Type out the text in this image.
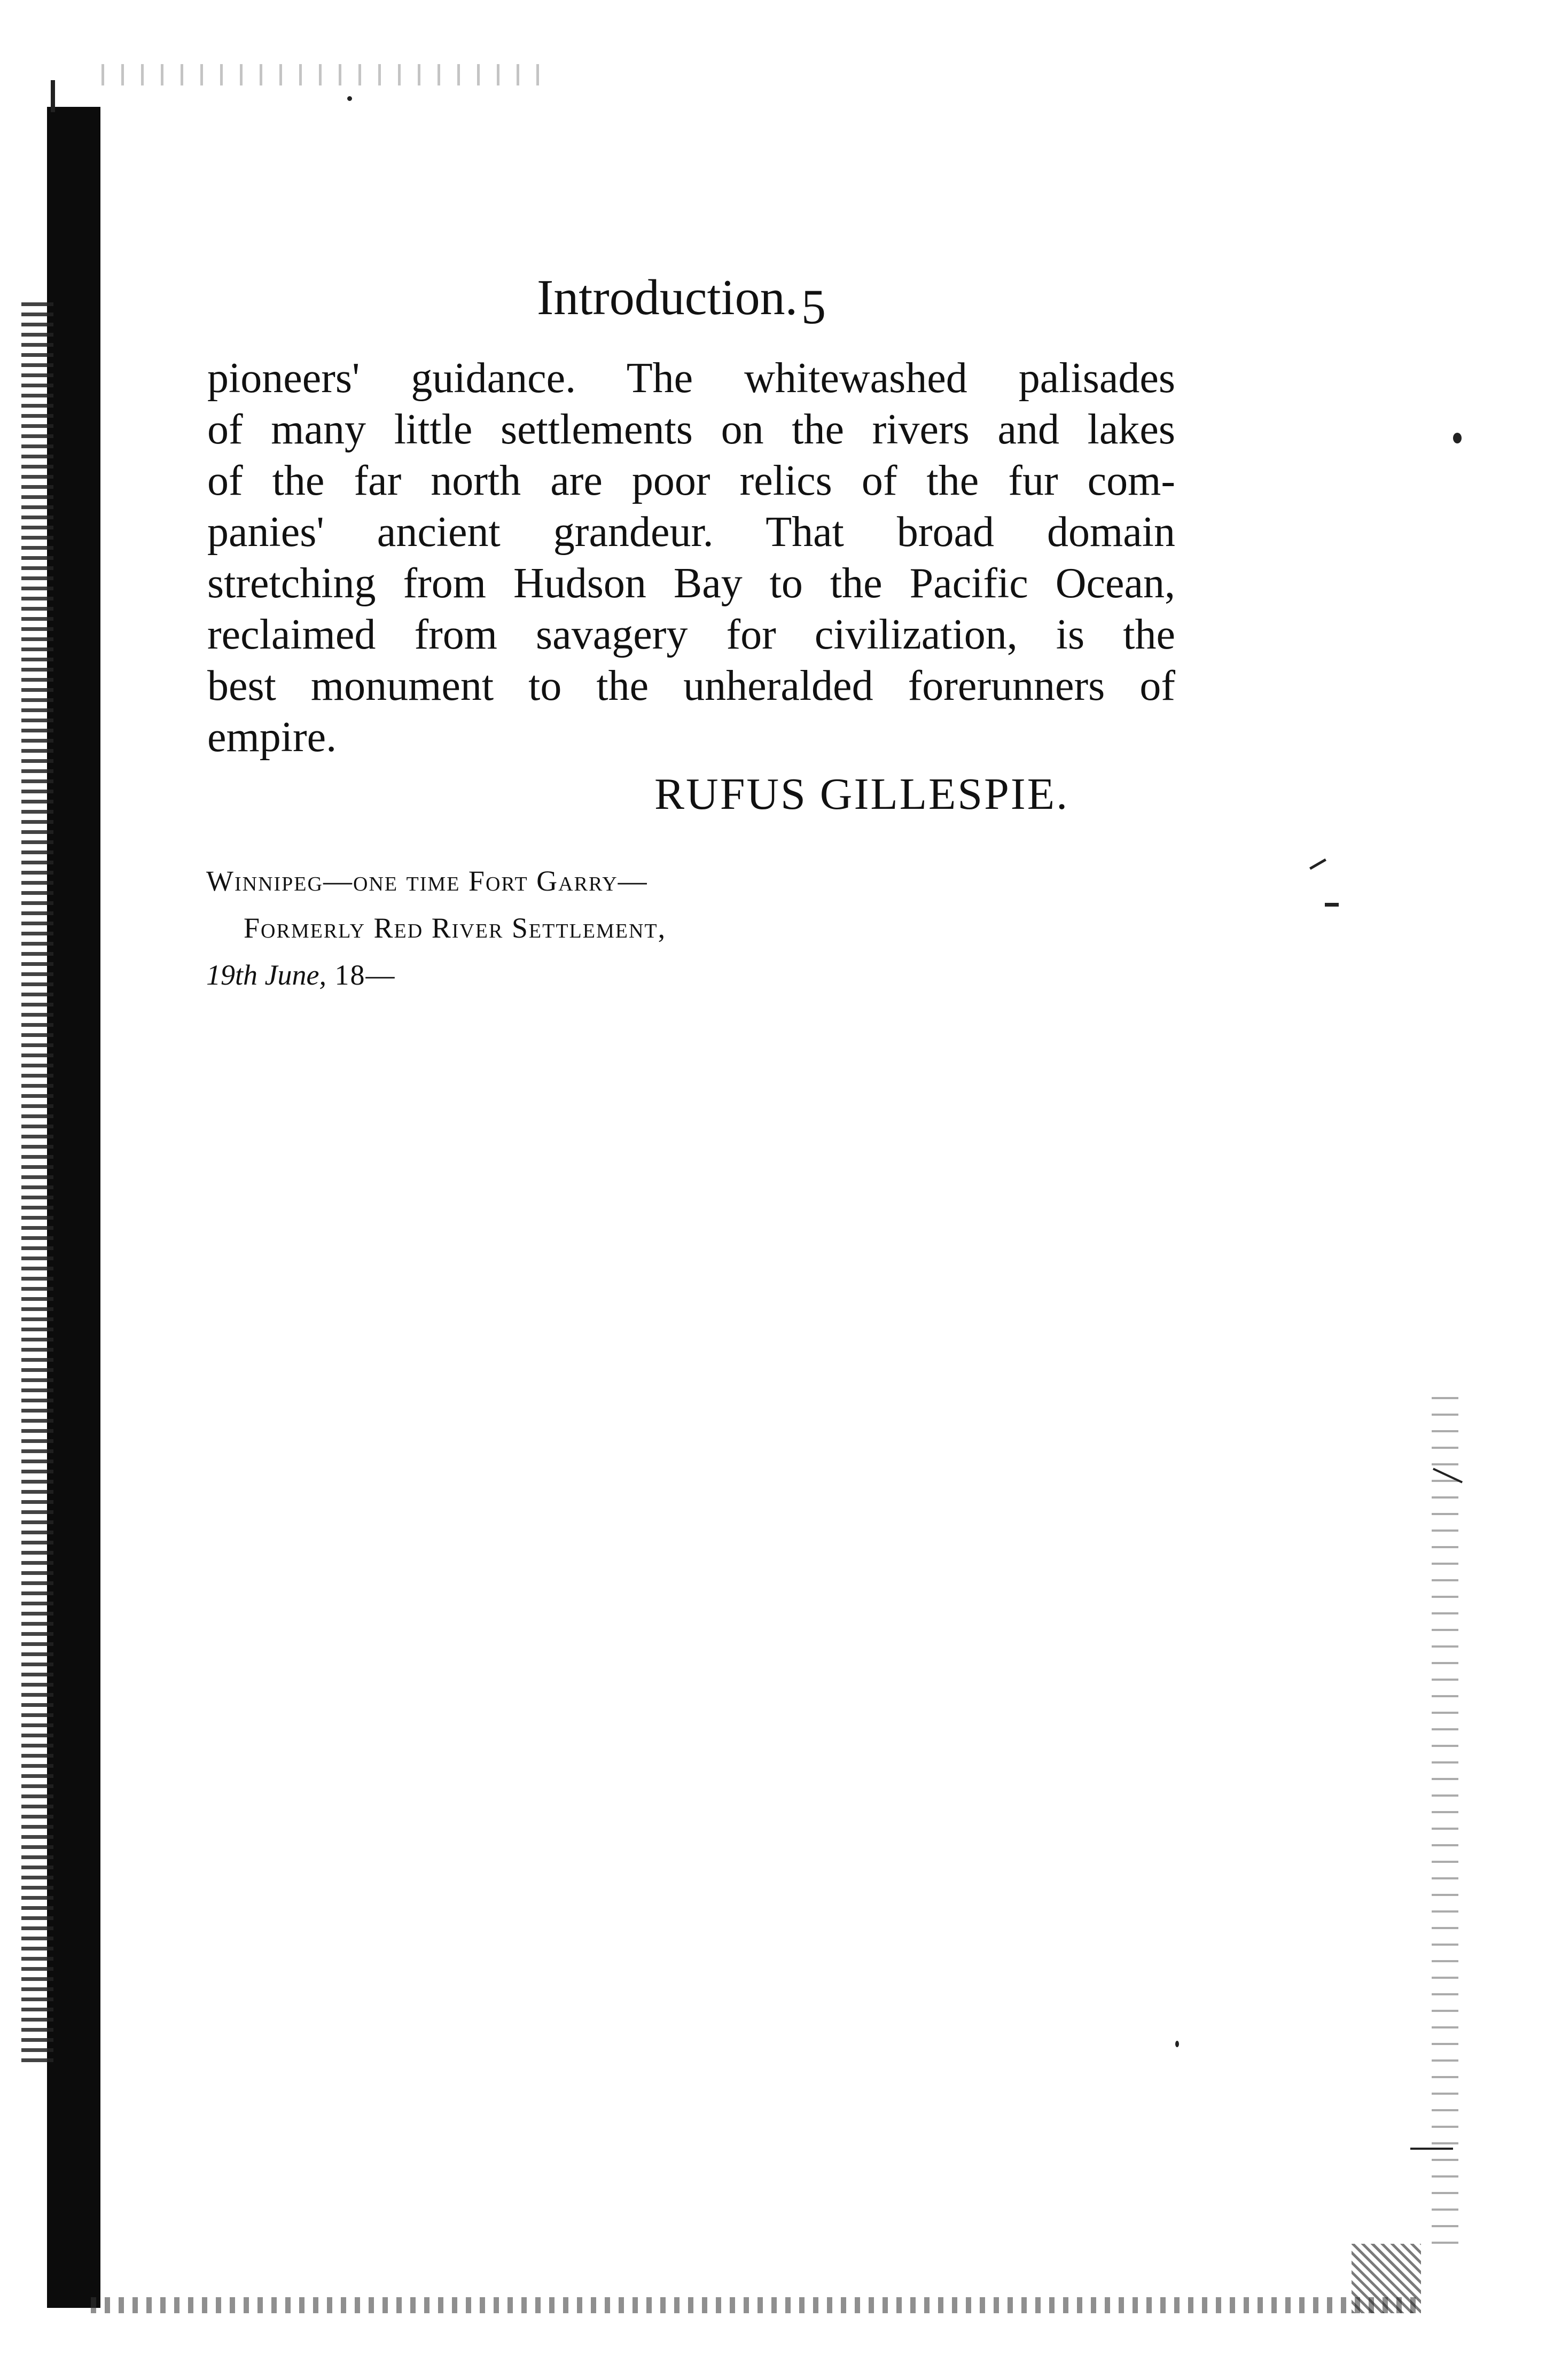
Introduction. 5
pioneers' guidance. The whitewashed palisades
of many little settlements on the rivers and lakes
of the far north are poor relics of the fur com-
panies' ancient grandeur. That broad domain
stretching from Hudson Bay to the Pacific Ocean,
reclaimed from savagery for civilization, is the
best monument to the unheralded forerunners of
empire.
RUFUS GILLESPIE.
Winnipeg—one time Fort Garry—
Formerly Red River Settlement,
19th June, 18—
